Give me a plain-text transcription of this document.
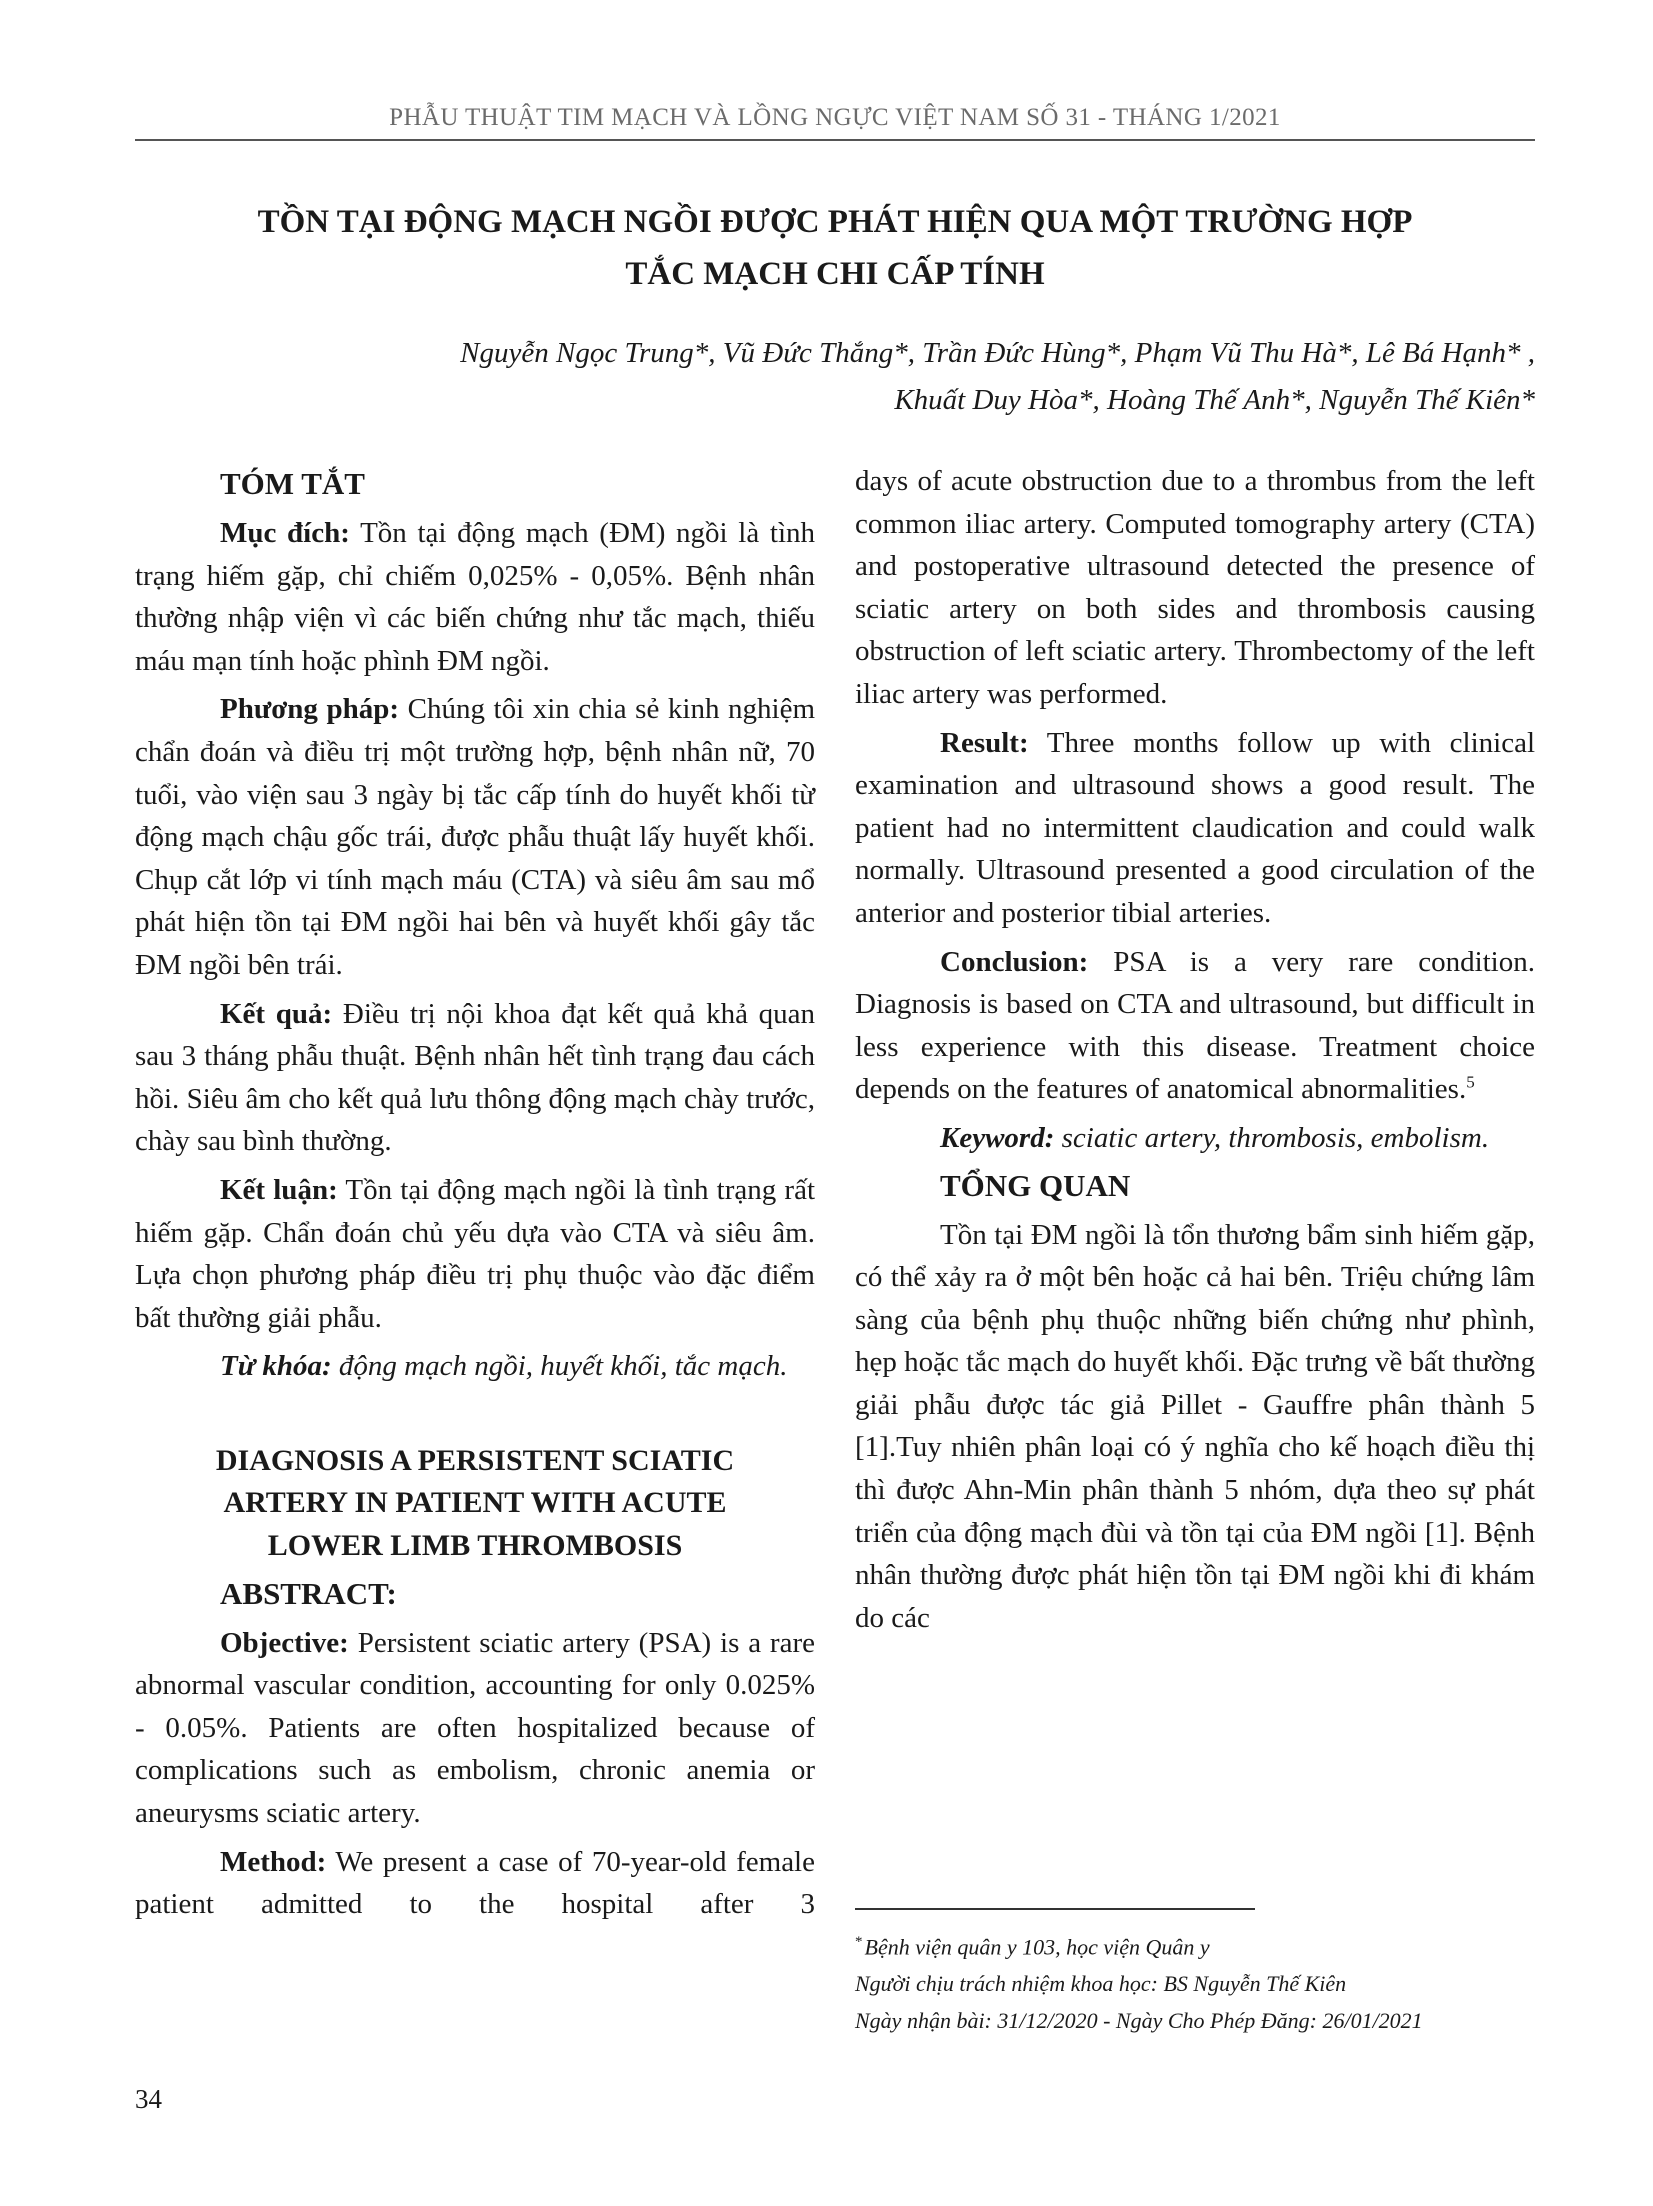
PHẪU THUẬT TIM MẠCH VÀ LỒNG NGỰC VIỆT NAM SỐ 31 - THÁNG 1/2021
TỒN TẠI ĐỘNG MẠCH NGỒI ĐƯỢC PHÁT HIỆN QUA MỘT TRƯỜNG HỢP
TẮC MẠCH CHI CẤP TÍNH
Nguyễn Ngọc Trung*, Vũ Đức Thắng*, Trần Đức Hùng*, Phạm Vũ Thu Hà*, Lê Bá Hạnh* ,
Khuất Duy Hòa*, Hoàng Thế Anh*, Nguyễn Thế Kiên*
TÓM TẮT

Mục đích: Tồn tại động mạch (ĐM) ngồi là tình trạng hiếm gặp, chỉ chiếm 0,025% - 0,05%. Bệnh nhân thường nhập viện vì các biến chứng như tắc mạch, thiếu máu mạn tính hoặc phình ĐM ngồi.

Phương pháp: Chúng tôi xin chia sẻ kinh nghiệm chẩn đoán và điều trị một trường hợp, bệnh nhân nữ, 70 tuổi, vào viện sau 3 ngày bị tắc cấp tính do huyết khối từ động mạch chậu gốc trái, được phẫu thuật lấy huyết khối. Chụp cắt lớp vi tính mạch máu (CTA) và siêu âm sau mổ phát hiện tồn tại ĐM ngồi hai bên và huyết khối gây tắc ĐM ngồi bên trái.

Kết quả: Điều trị nội khoa đạt kết quả khả quan sau 3 tháng phẫu thuật. Bệnh nhân hết tình trạng đau cách hồi. Siêu âm cho kết quả lưu thông động mạch chày trước, chày sau bình thường.

Kết luận: Tồn tại động mạch ngồi là tình trạng rất hiếm gặp. Chẩn đoán chủ yếu dựa vào CTA và siêu âm. Lựa chọn phương pháp điều trị phụ thuộc vào đặc điểm bất thường giải phẫu.

Từ khóa: động mạch ngồi, huyết khối, tắc mạch.

DIAGNOSIS A PERSISTENT SCIATIC
ARTERY IN PATIENT WITH ACUTE
LOWER LIMB THROMBOSIS
ABSTRACT:

Objective: Persistent sciatic artery (PSA) is a rare abnormal vascular condition, accounting for only 0.025% - 0.05%. Patients are often hospitalized because of complications such as embolism, chronic anemia or aneurysms sciatic artery.

Method: We present a case of 70-year-old female patient admitted to the hospital after 3

days of acute obstruction due to a thrombus from the left common iliac artery. Computed tomography artery (CTA) and postoperative ultrasound detected the presence of sciatic artery on both sides and thrombosis causing obstruction of left sciatic artery. Thrombectomy of the left iliac artery was performed.

Result: Three months follow up with clinical examination and ultrasound shows a good result. The patient had no intermittent claudication and could walk normally. Ultrasound presented a good circulation of the anterior and posterior tibial arteries.

Conclusion: PSA is a very rare condition. Diagnosis is based on CTA and ultrasound, but difficult in less experience with this disease. Treatment choice depends on the features of anatomical abnormalities.$^5$

Keyword: sciatic artery, thrombosis, embolism.

TỔNG QUAN

Tồn tại ĐM ngồi là tổn thương bẩm sinh hiếm gặp, có thể xảy ra ở một bên hoặc cả hai bên. Triệu chứng lâm sàng của bệnh phụ thuộc những biến chứng như phình, hẹp hoặc tắc mạch do huyết khối. Đặc trưng về bất thường giải phẫu được tác giả Pillet - Gauffre phân thành 5 [1].Tuy nhiên phân loại có ý nghĩa cho kế hoạch điều thị thì được Ahn-Min phân thành 5 nhóm, dựa theo sự phát triển của động mạch đùi và tồn tại của ĐM ngồi [1]. Bệnh nhân thường được phát hiện tồn tại ĐM ngồi khi đi khám do các

*Bệnh viện quân y 103, học viện Quân y
Người chịu trách nhiệm khoa học: BS Nguyễn Thế Kiên
Ngày nhận bài: 31/12/2020 - Ngày Cho Phép Đăng: 26/01/2021
34
